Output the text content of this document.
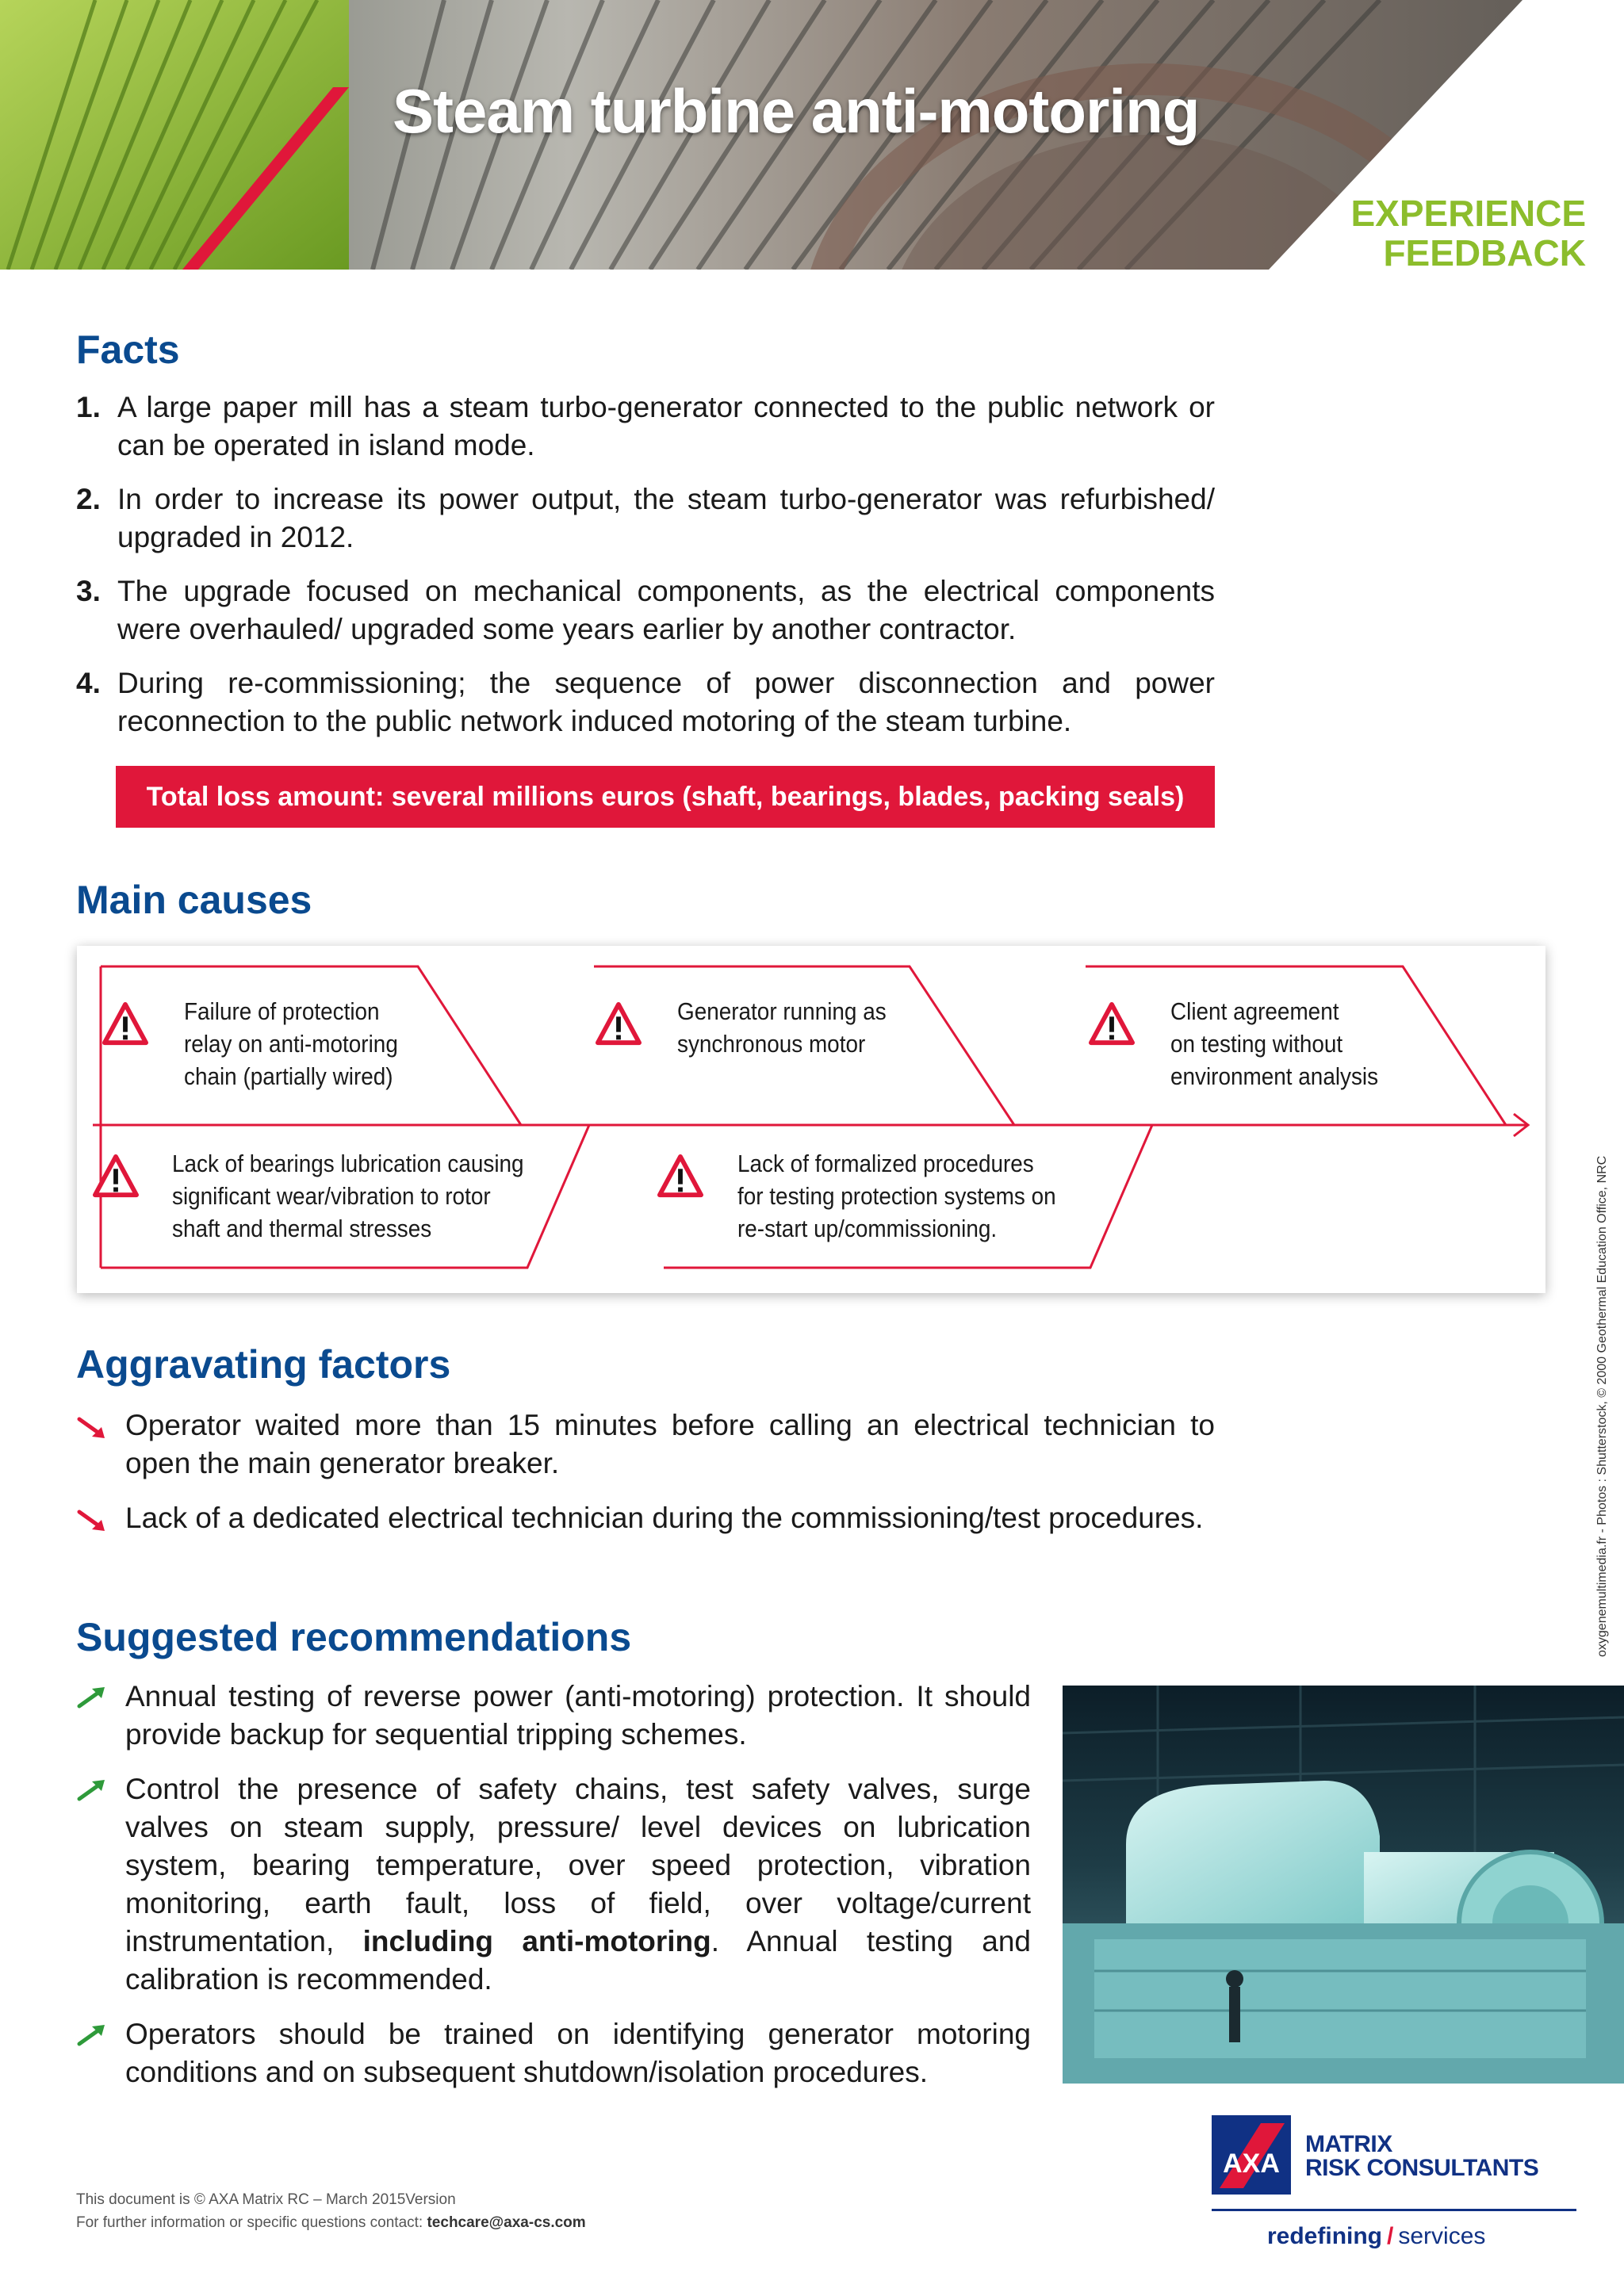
Steam turbine anti-motoring
EXPERIENCE
FEEDBACK
Facts
1. A large paper mill has a steam turbo-generator connected to the public network or can be operated in island mode.
2. In order to increase its power output, the steam turbo-generator was refurbished/ upgraded in 2012.
3. The upgrade focused on mechanical components, as the electrical components were overhauled/ upgraded some years earlier by another contractor.
4. During re-commissioning; the sequence of power disconnection and power reconnection to the public network induced motoring of the steam turbine.
Total loss amount: several millions euros (shaft, bearings, blades, packing seals)
Main causes
Failure of protection
relay on anti-motoring
chain (partially wired)
Generator running as
synchronous motor
Client agreement
on testing without
environment analysis
Lack of bearings lubrication causing
significant wear/vibration to rotor
shaft and thermal stresses
Lack of formalized procedures
for testing protection systems on
re-start up/commissioning.
Aggravating factors
Operator waited more than 15 minutes before calling an electrical technician to open the main generator breaker.
Lack of a dedicated electrical technician during the commissioning/test procedures.
Suggested recommendations
Annual testing of reverse power (anti-motoring) protection. It should provide backup for sequential tripping schemes.
Control the presence of safety chains, test safety valves, surge valves on steam supply, pressure/ level devices on lubrication system, bearing temperature, over speed protection, vibration monitoring, earth fault, loss of field, over voltage/current instrumentation, including anti-motoring. Annual testing and calibration is recommended.
Operators should be trained on identifying generator motoring conditions and on subsequent shutdown/isolation procedures.
This document is © AXA Matrix RC – March 2015Version
For further information or specific questions contact: techcare@axa-cs.com
oxygenemultimedia.fr - Photos : Shutterstock, © 2000 Geothermal Education Office, NRC
AXA
MATRIX
RISK CONSULTANTS
redefining / services
